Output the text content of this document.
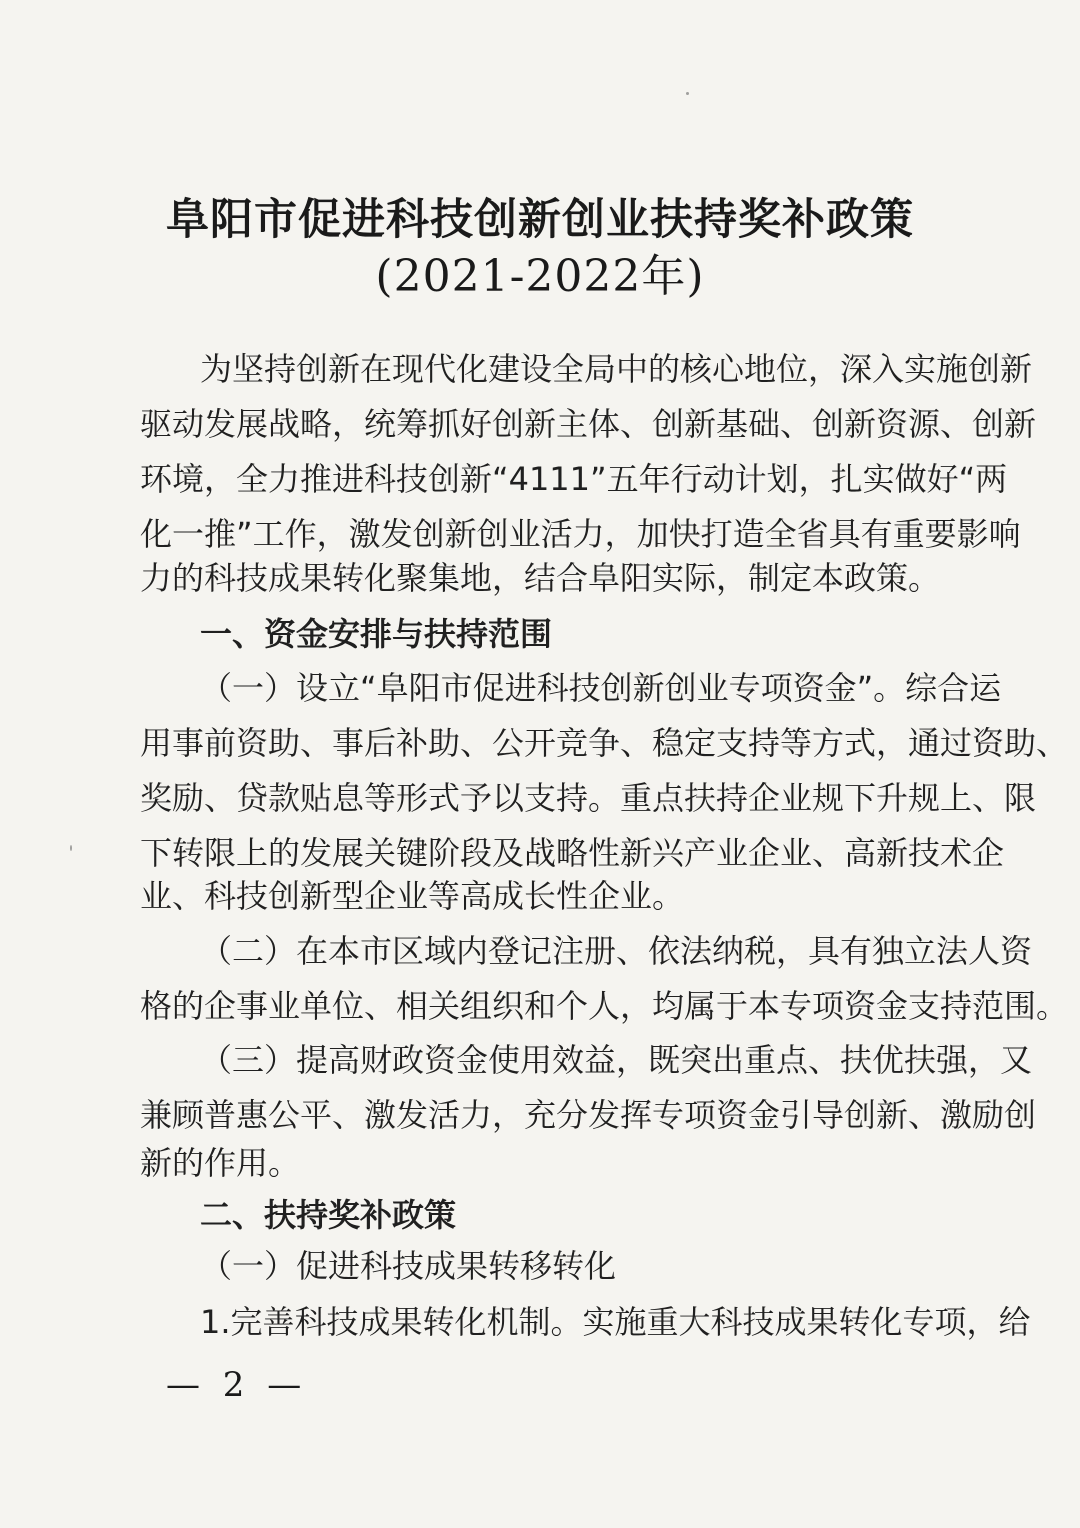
阜阳市促进科技创新创业扶持奖补政策
(2021-2022年)
为坚持创新在现代化建设全局中的核心地位，深入实施创新
驱动发展战略，统筹抓好创新主体、创新基础、创新资源、创新
环境，全力推进科技创新“4111”五年行动计划，扎实做好“两
化一推”工作，激发创新创业活力，加快打造全省具有重要影响
力的科技成果转化聚集地，结合阜阳实际，制定本政策。
一、资金安排与扶持范围
（一）设立“阜阳市促进科技创新创业专项资金”。综合运
用事前资助、事后补助、公开竞争、稳定支持等方式，通过资助、
奖励、贷款贴息等形式予以支持。重点扶持企业规下升规上、限
下转限上的发展关键阶段及战略性新兴产业企业、高新技术企
业、科技创新型企业等高成长性企业。
（二）在本市区域内登记注册、依法纳税，具有独立法人资
格的企事业单位、相关组织和个人，均属于本专项资金支持范围。
（三）提高财政资金使用效益，既突出重点、扶优扶强，又
兼顾普惠公平、激发活力，充分发挥专项资金引导创新、激励创
新的作用。
二、扶持奖补政策
（一）促进科技成果转移转化
1.完善科技成果转化机制。实施重大科技成果转化专项，给
— 2 —
